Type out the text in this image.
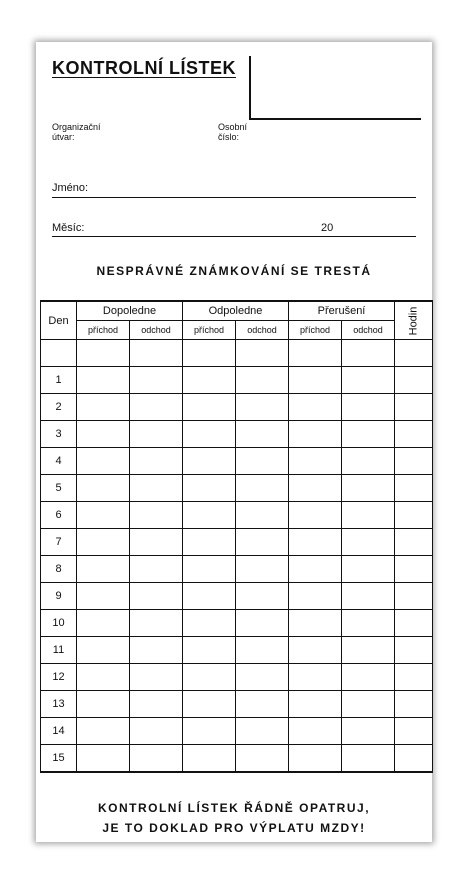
KONTROLNÍ LÍSTEK
Organizační
útvar:
Osobní
číslo:
Jméno:
Měsíc:	20
NESPRÁVNÉ ZNÁMKOVÁNÍ SE TRESTÁ
Den	Dopoledne		Odpoledne		Přerušení		Hodin
	příchod	odchod	příchod	odchod	příchod	odchod	

1							
2							
3							
4							
5							
6							
7							
8							
9							
10							
11							
12							
13							
14							
15							
KONTROLNÍ LÍSTEK ŘÁDNĚ OPATRUJ,
JE TO DOKLAD PRO VÝPLATU MZDY!
